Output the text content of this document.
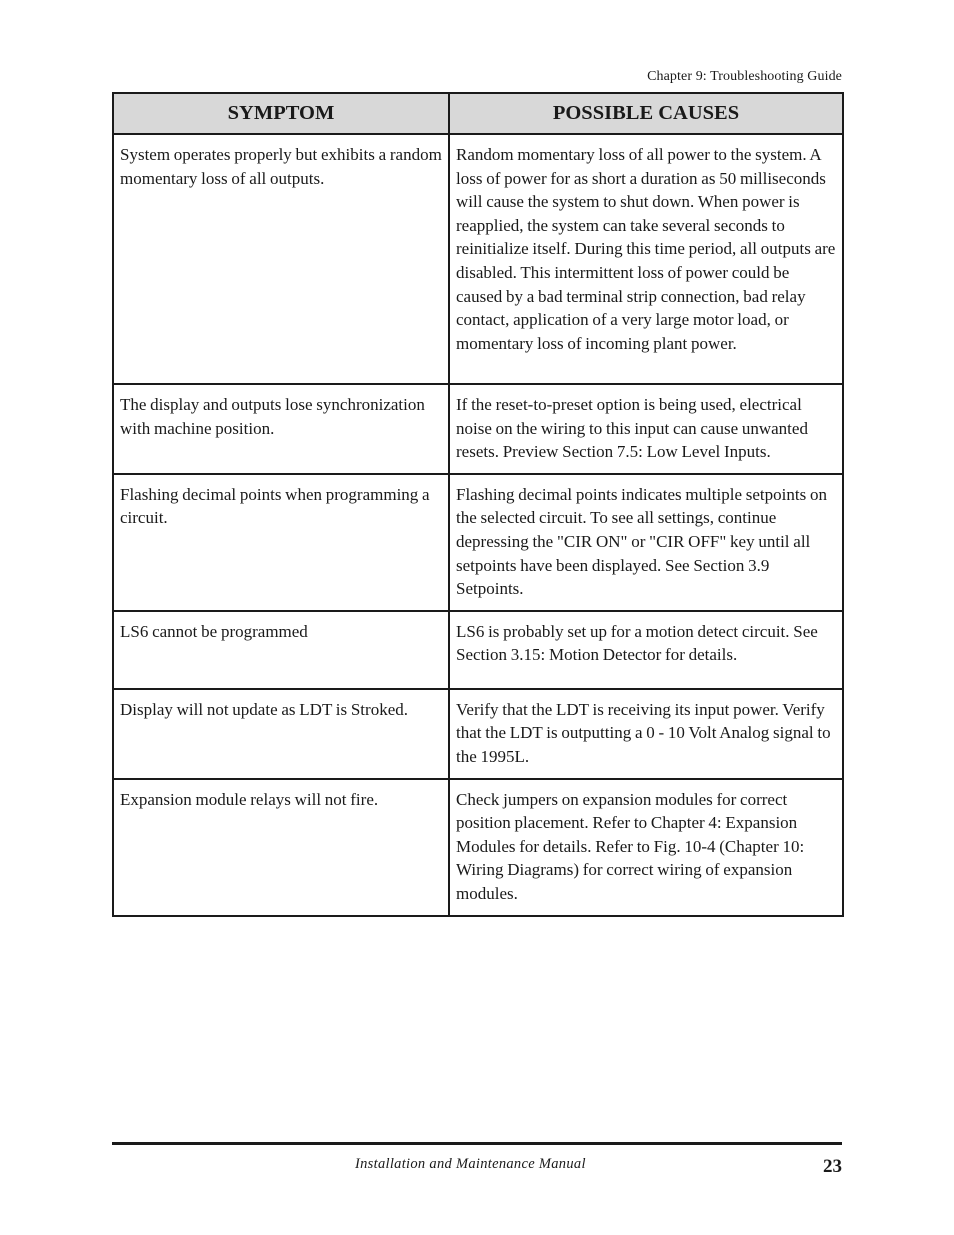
Chapter 9: Troubleshooting Guide
SYMPTOM	POSSIBLE CAUSES
System operates properly but exhibits a random momentary loss of all outputs.	Random momentary loss of all power to the system. A loss of power for as short a duration as 50 milliseconds will cause the system to shut down. When power is reapplied, the system can take several seconds to reinitialize itself. During this time period, all outputs are disabled. This intermittent loss of power could be caused by a bad terminal strip connection, bad relay contact, application of a very large motor load, or momentary loss of incoming plant power.
The display and outputs lose synchronization with machine position.	If the reset-to-preset option is being used, electrical noise on the wiring to this input can cause unwanted resets. Preview Section 7.5: Low Level Inputs.
Flashing decimal points when programming a circuit.	Flashing decimal points indicates multiple setpoints on the selected circuit. To see all settings, continue depressing the "CIR ON" or "CIR OFF" key until all setpoints have been displayed. See Section 3.9 Setpoints.
LS6 cannot be programmed	LS6 is probably set up for a motion detect circuit. See Section 3.15: Motion Detector for details.
Display will not update as LDT is Stroked.	Verify that the LDT is receiving its input power. Verify that the LDT is outputting a 0 - 10 Volt Analog signal to the 1995L.
Expansion module relays will not fire.	Check jumpers on expansion modules for correct position placement. Refer to Chapter 4: Expansion Modules for details. Refer to Fig. 10-4 (Chapter 10: Wiring Diagrams) for correct wiring of expansion modules.
Installation and Maintenance Manual	23
